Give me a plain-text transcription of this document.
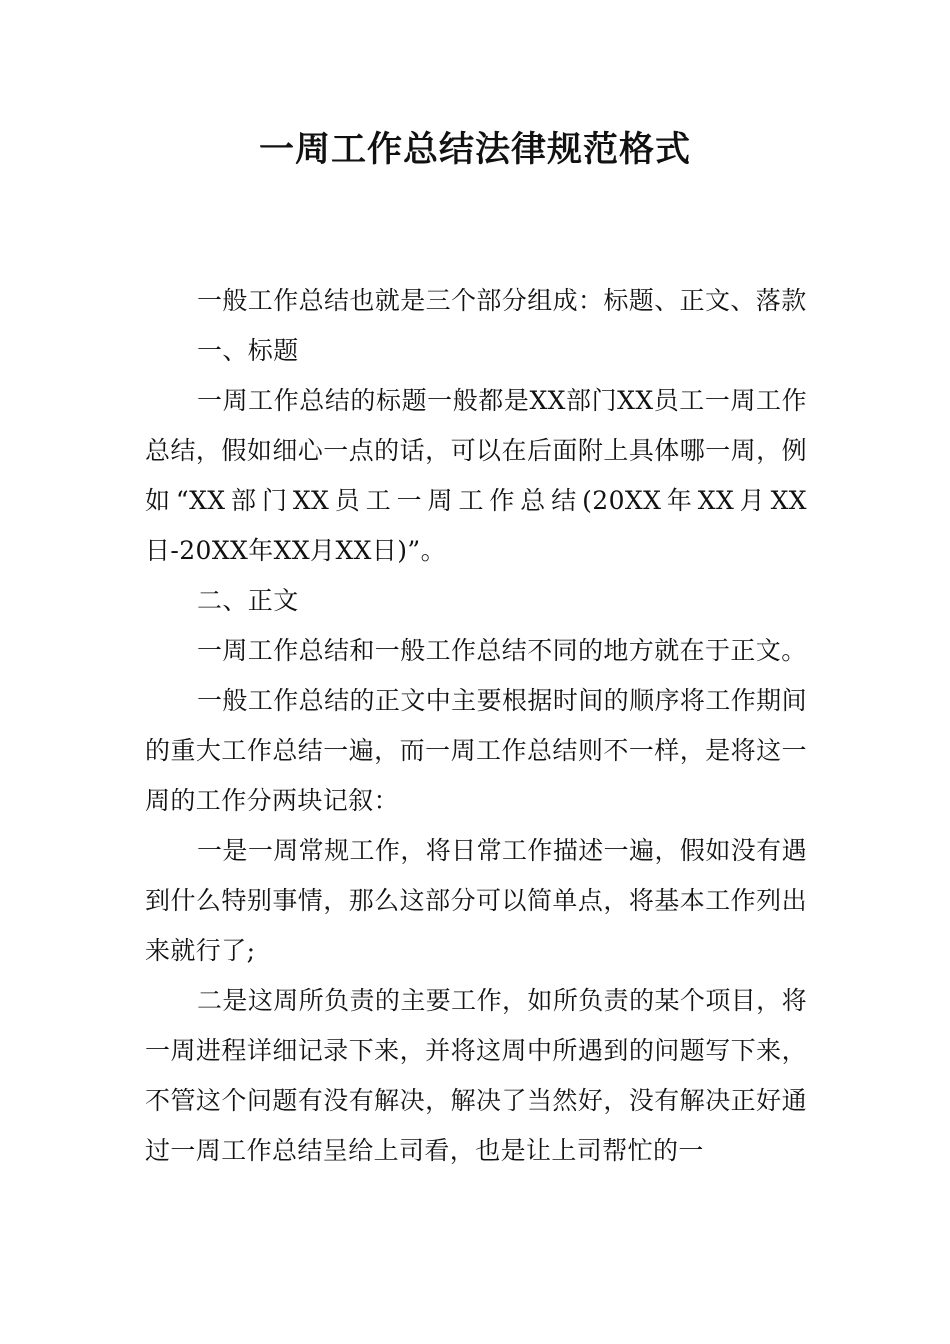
一周工作总结法律规范格式

一般工作总结也就是三个部分组成：标题、正文、落款

一、标题

一周工作总结的标题一般都是XX部门XX员工一周工作总结，假如细心一点的话，可以在后面附上具体哪一周，例如“XX部门XX员工一周工作总结(20XX年XX月XX日-20XX年XX月XX日)”。

二、正文

一周工作总结和一般工作总结不同的地方就在于正文。

一般工作总结的正文中主要根据时间的顺序将工作期间的重大工作总结一遍，而一周工作总结则不一样，是将这一周的工作分两块记叙：

一是一周常规工作，将日常工作描述一遍，假如没有遇到什么特别事情，那么这部分可以简单点，将基本工作列出来就行了;

二是这周所负责的主要工作，如所负责的某个项目，将一周进程详细记录下来，并将这周中所遇到的问题写下来，不管这个问题有没有解决，解决了当然好，没有解决正好通过一周工作总结呈给上司看，也是让上司帮忙的一
